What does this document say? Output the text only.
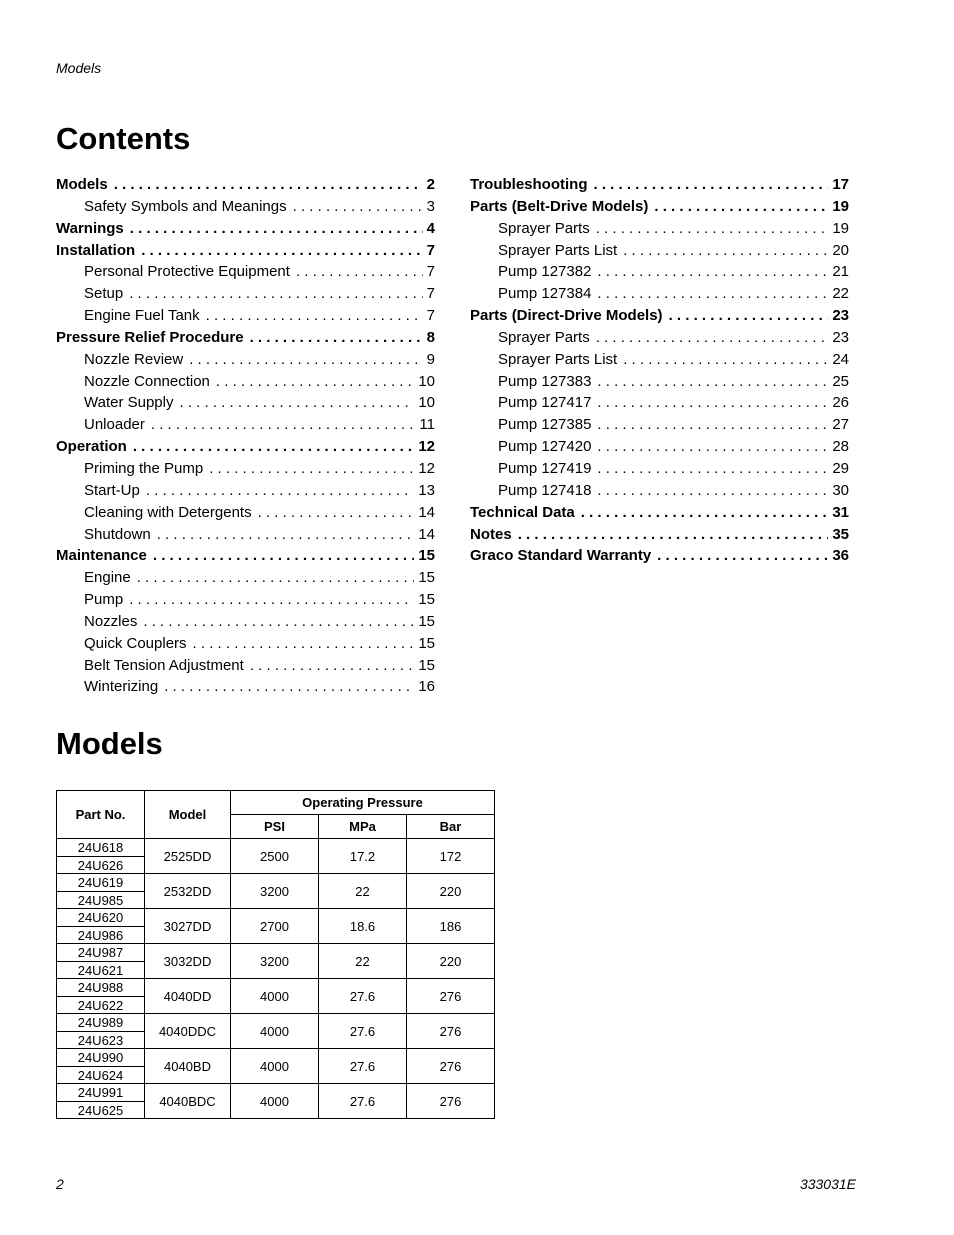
Models
Contents
Models . . .	2
Safety Symbols and Meanings . . .	3
Warnings . . .	4
Installation . . .	7
Personal Protective Equipment . . .	7
Setup . . .	7
Engine Fuel Tank . . .	7
Pressure Relief Procedure . . .	8
Nozzle Review . . .	9
Nozzle Connection . . .	10
Water Supply . . .	10
Unloader . . .	11
Operation . . .	12
Priming the Pump . . .	12
Start-Up . . .	13
Cleaning with Detergents . . .	14
Shutdown . . .	14
Maintenance . . .	15
Engine . . .	15
Pump . . .	15
Nozzles . . .	15
Quick Couplers . . .	15
Belt Tension Adjustment . . .	15
Winterizing . . .	16
Troubleshooting . . .	17
Parts (Belt-Drive Models) . . .	19
Sprayer Parts . . .	19
Sprayer Parts List . . .	20
Pump 127382 . . .	21
Pump 127384 . . .	22
Parts (Direct-Drive Models) . . .	23
Sprayer Parts . . .	23
Sprayer Parts List . . .	24
Pump 127383 . . .	25
Pump 127417 . . .	26
Pump 127385 . . .	27
Pump 127420 . . .	28
Pump 127419 . . .	29
Pump 127418 . . .	30
Technical Data . . .	31
Notes . . .	35
Graco Standard Warranty . . .	36
Models
Part No.	Model	Operating Pressure		
		PSI	MPa	Bar
24U618	2525DD	2500	17.2	172
24U626				
24U619	2532DD	3200	22	220
24U985				
24U620	3027DD	2700	18.6	186
24U986				
24U987	3032DD	3200	22	220
24U621				
24U988	4040DD	4000	27.6	276
24U622				
24U989	4040DDC	4000	27.6	276
24U623				
24U990	4040BD	4000	27.6	276
24U624				
24U991	4040BDC	4000	27.6	276
24U625				
2	333031E
